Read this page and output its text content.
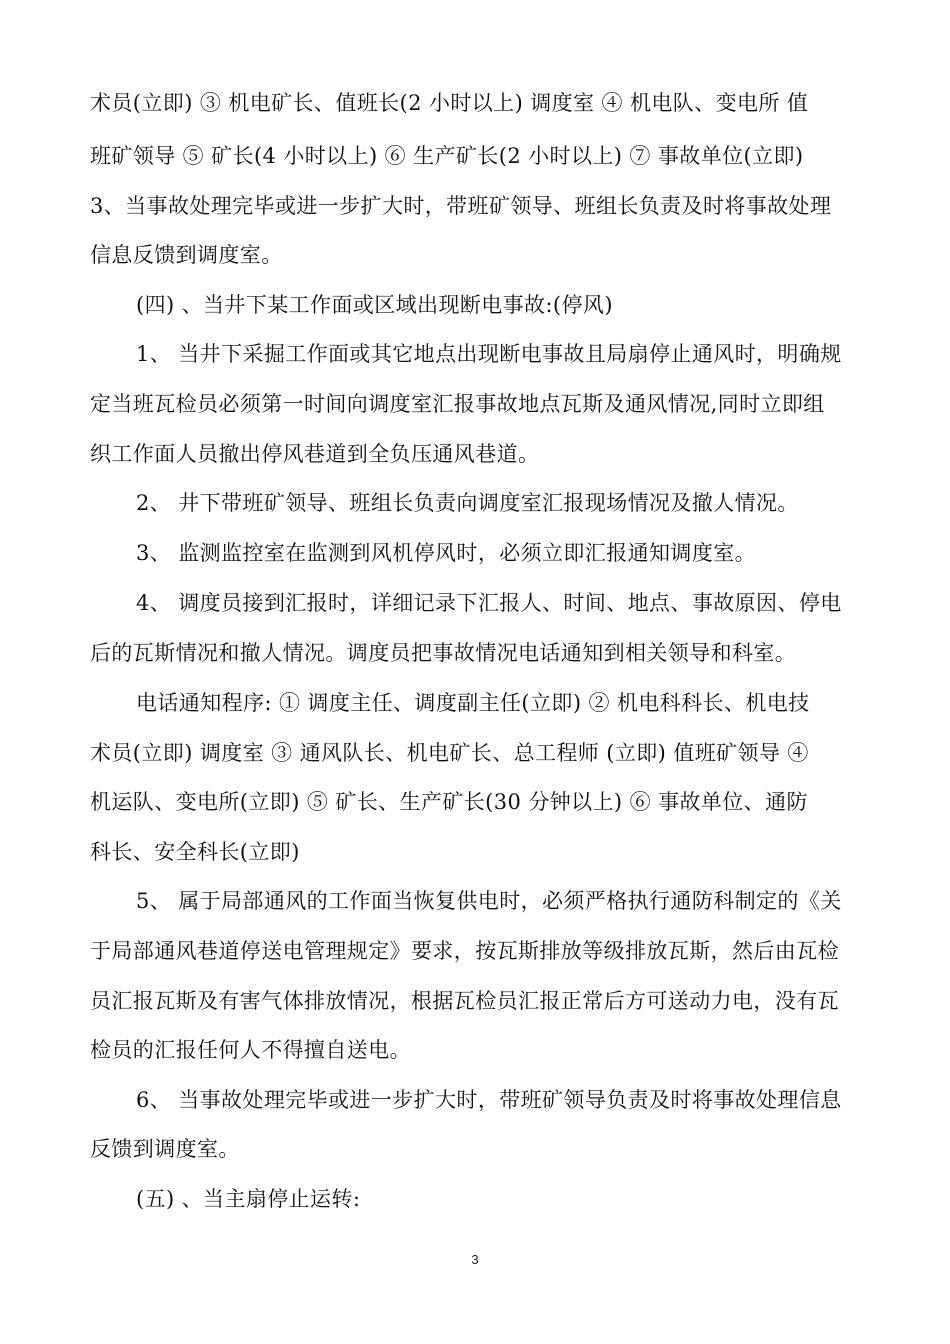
术员(立即) ③ 机电矿长、值班长(2 小时以上) 调度室 ④ 机电队、变电所 值
班矿领导 ⑤ 矿长(4 小时以上) ⑥ 生产矿长(2 小时以上) ⑦ 事故单位(立即)
3、当事故处理完毕或进一步扩大时，带班矿领导、班组长负责及时将事故处理
信息反馈到调度室。
(四) 、当井下某工作面或区域出现断电事故:(停风)
1、 当井下采掘工作面或其它地点出现断电事故且局扇停止通风时，明确规
定当班瓦检员必须第一时间向调度室汇报事故地点瓦斯及通风情况,同时立即组
织工作面人员撤出停风巷道到全负压通风巷道。
2、 井下带班矿领导、班组长负责向调度室汇报现场情况及撤人情况。
3、 监测监控室在监测到风机停风时，必须立即汇报通知调度室。
4、 调度员接到汇报时，详细记录下汇报人、时间、地点、事故原因、停电
后的瓦斯情况和撤人情况。调度员把事故情况电话通知到相关领导和科室。
电话通知程序: ① 调度主任、调度副主任(立即) ② 机电科科长、机电技
术员(立即) 调度室 ③ 通风队长、机电矿长、总工程师 (立即) 值班矿领导 ④
机运队、变电所(立即) ⑤ 矿长、生产矿长(30 分钟以上) ⑥ 事故单位、通防
科长、安全科长(立即)
5、 属于局部通风的工作面当恢复供电时，必须严格执行通防科制定的《关
于局部通风巷道停送电管理规定》要求，按瓦斯排放等级排放瓦斯，然后由瓦检
员汇报瓦斯及有害气体排放情况，根据瓦检员汇报正常后方可送动力电，没有瓦
检员的汇报任何人不得擅自送电。
6、 当事故处理完毕或进一步扩大时，带班矿领导负责及时将事故处理信息
反馈到调度室。
(五) 、当主扇停止运转:
3
